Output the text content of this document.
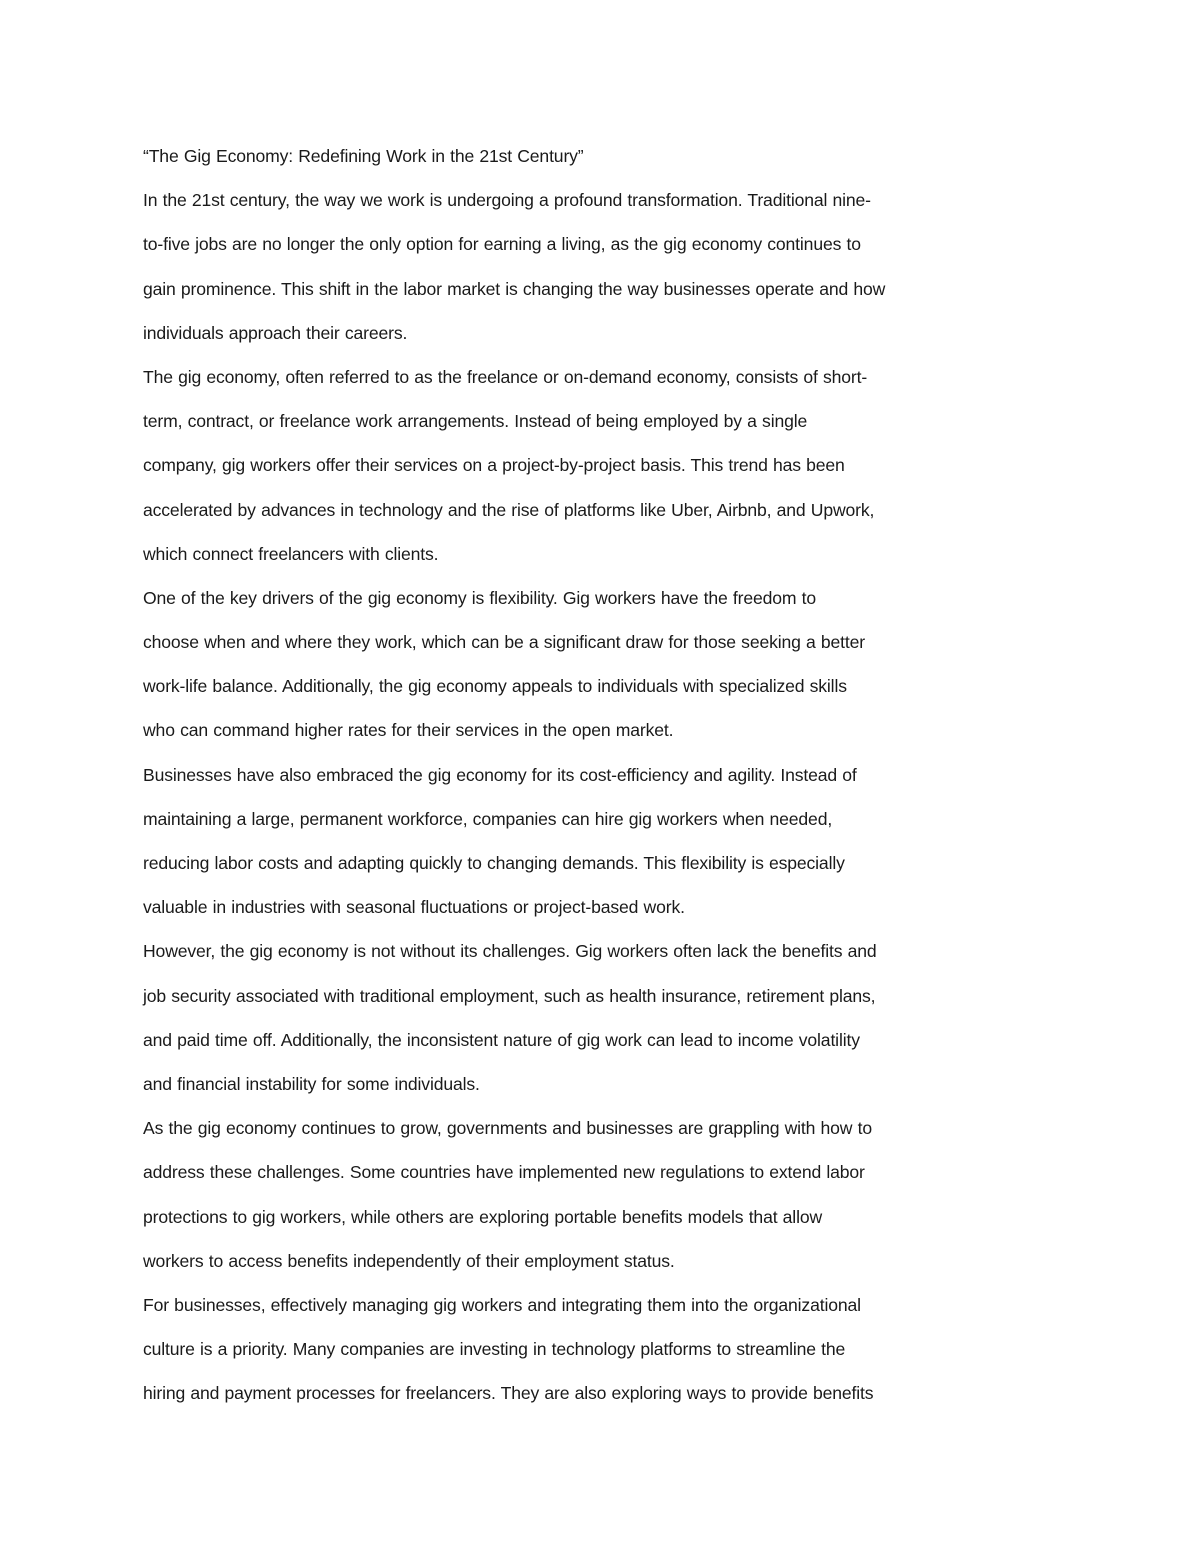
“The Gig Economy: Redefining Work in the 21st Century”
In the 21st century, the way we work is undergoing a profound transformation. Traditional nine-
to-five jobs are no longer the only option for earning a living, as the gig economy continues to
gain prominence. This shift in the labor market is changing the way businesses operate and how
individuals approach their careers.
The gig economy, often referred to as the freelance or on-demand economy, consists of short-
term, contract, or freelance work arrangements. Instead of being employed by a single
company, gig workers offer their services on a project-by-project basis. This trend has been
accelerated by advances in technology and the rise of platforms like Uber, Airbnb, and Upwork,
which connect freelancers with clients.
One of the key drivers of the gig economy is flexibility. Gig workers have the freedom to
choose when and where they work, which can be a significant draw for those seeking a better
work-life balance. Additionally, the gig economy appeals to individuals with specialized skills
who can command higher rates for their services in the open market.
Businesses have also embraced the gig economy for its cost-efficiency and agility. Instead of
maintaining a large, permanent workforce, companies can hire gig workers when needed,
reducing labor costs and adapting quickly to changing demands. This flexibility is especially
valuable in industries with seasonal fluctuations or project-based work.
However, the gig economy is not without its challenges. Gig workers often lack the benefits and
job security associated with traditional employment, such as health insurance, retirement plans,
and paid time off. Additionally, the inconsistent nature of gig work can lead to income volatility
and financial instability for some individuals.
As the gig economy continues to grow, governments and businesses are grappling with how to
address these challenges. Some countries have implemented new regulations to extend labor
protections to gig workers, while others are exploring portable benefits models that allow
workers to access benefits independently of their employment status.
For businesses, effectively managing gig workers and integrating them into the organizational
culture is a priority. Many companies are investing in technology platforms to streamline the
hiring and payment processes for freelancers. They are also exploring ways to provide benefits
